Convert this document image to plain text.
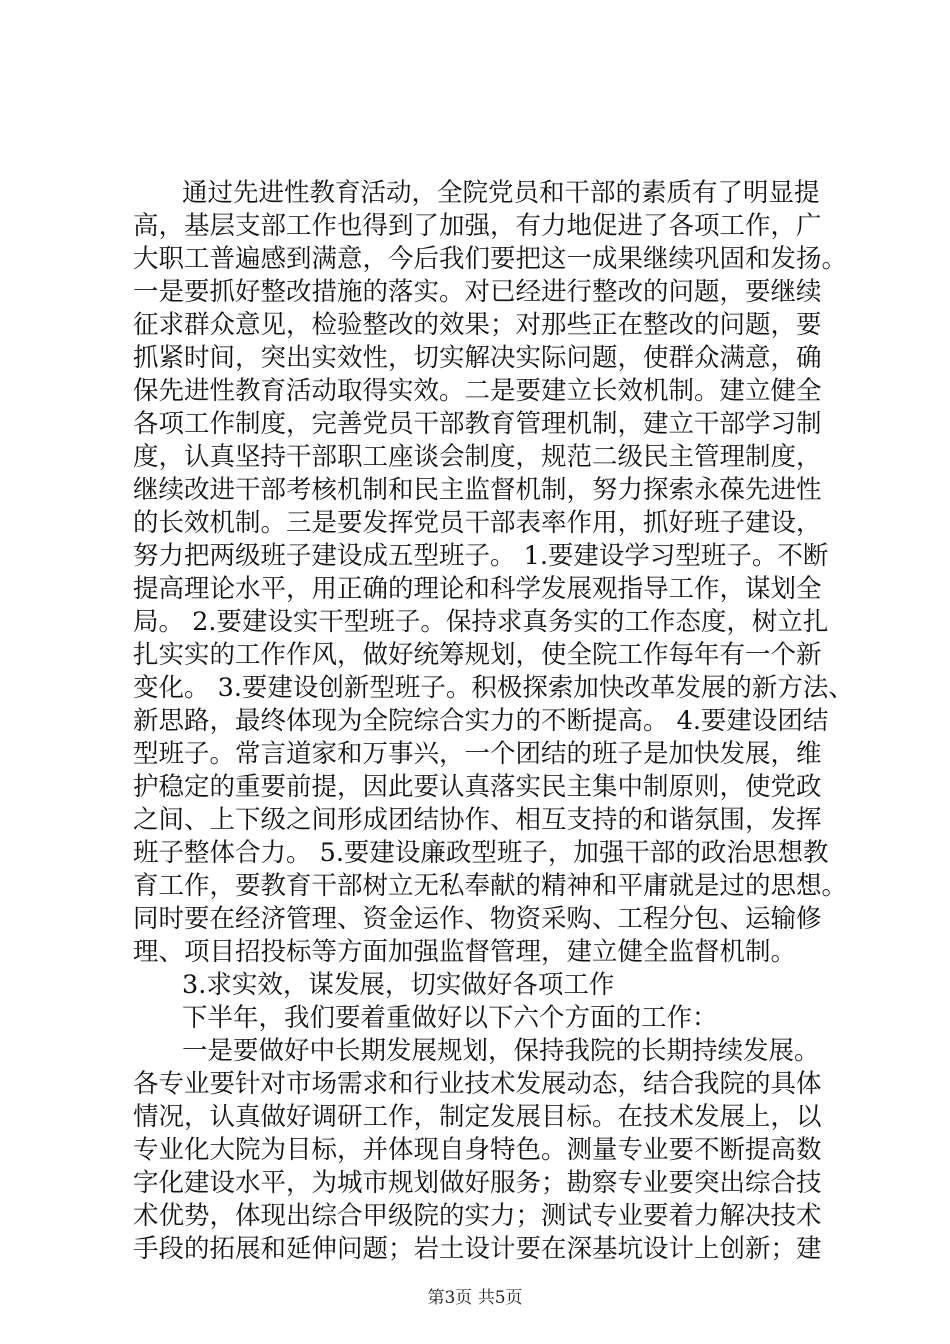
通过先进性教育活动，全院党员和干部的素质有了明显提
高，基层支部工作也得到了加强，有力地促进了各项工作，广
大职工普遍感到满意，今后我们要把这一成果继续巩固和发扬。
一是要抓好整改措施的落实。对已经进行整改的问题，要继续
征求群众意见，检验整改的效果；对那些正在整改的问题，要
抓紧时间，突出实效性，切实解决实际问题，使群众满意，确
保先进性教育活动取得实效。二是要建立长效机制。建立健全
各项工作制度，完善党员干部教育管理机制，建立干部学习制
度，认真坚持干部职工座谈会制度，规范二级民主管理制度，
继续改进干部考核机制和民主监督机制，努力探索永葆先进性
的长效机制。三是要发挥党员干部表率作用，抓好班子建设，
努力把两级班子建设成五型班子。 1.要建设学习型班子。不断
提高理论水平，用正确的理论和科学发展观指导工作，谋划全
局。 2.要建设实干型班子。保持求真务实的工作态度，树立扎
扎实实的工作作风，做好统筹规划，使全院工作每年有一个新
变化。 3.要建设创新型班子。积极探索加快改革发展的新方法、
新思路，最终体现为全院综合实力的不断提高。 4.要建设团结
型班子。常言道家和万事兴，一个团结的班子是加快发展，维
护稳定的重要前提，因此要认真落实民主集中制原则，使党政
之间、上下级之间形成团结协作、相互支持的和谐氛围，发挥
班子整体合力。 5.要建设廉政型班子，加强干部的政治思想教
育工作，要教育干部树立无私奉献的精神和平庸就是过的思想。
同时要在经济管理、资金运作、物资采购、工程分包、运输修
理、项目招投标等方面加强监督管理，建立健全监督机制。
3.求实效，谋发展，切实做好各项工作
下半年，我们要着重做好以下六个方面的工作：
一是要做好中长期发展规划，保持我院的长期持续发展。
各专业要针对市场需求和行业技术发展动态，结合我院的具体
情况，认真做好调研工作，制定发展目标。在技术发展上，以
专业化大院为目标，并体现自身特色。测量专业要不断提高数
字化建设水平，为城市规划做好服务；勘察专业要突出综合技
术优势，体现出综合甲级院的实力；测试专业要着力解决技术
手段的拓展和延伸问题；岩土设计要在深基坑设计上创新；建
第3页 共5页
